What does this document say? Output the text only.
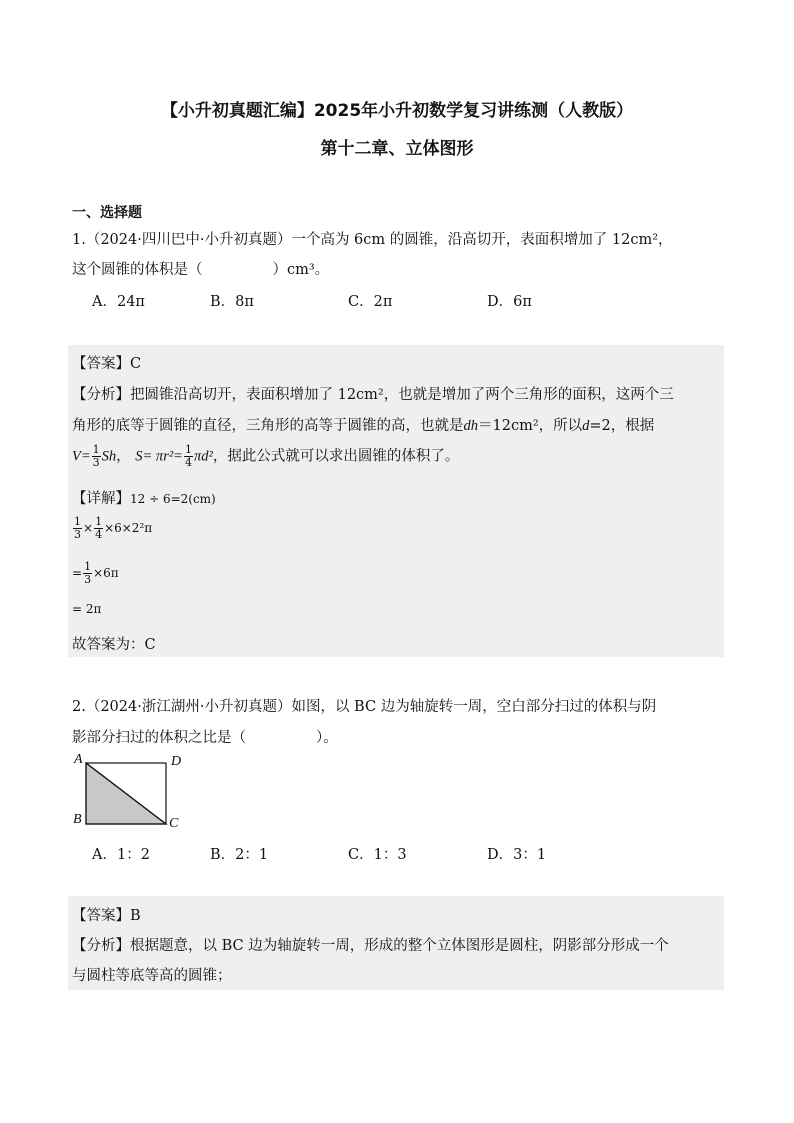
【小升初真题汇编】2025年小升初数学复习讲练测（人教版）
第十二章、立体图形
一、选择题
1.（2024·四川巴中·小升初真题）一个高为 6cm 的圆锥，沿高切开，表面积增加了 12cm²，
这个圆锥的体积是（	）cm³。
A．24π	B．8π	C．2π	D．6π
【答案】C
【分析】把圆锥沿高切开，表面积增加了 12cm²，也就是增加了两个三角形的面积，这两个三
角形的底等于圆锥的直径，三角形的高等于圆锥的高，也就是dh＝12cm²，所以d=2，根据
$V= \frac{1}{3}$ Sh， $S= \pi r^2= \frac{1}{4} \pi d^2$，据此公式就可以求出圆锥的体积了。
【详解】12 ÷ 6=2(cm)
$\frac{1}{3} \times \frac{1}{4} \times 6\times 2^2\pi$
= $\frac{1}{3} \times 6\pi$
= 2π
故答案为：C
2.（2024·浙江湖州·小升初真题）如图，以 BC 边为轴旋转一周，空白部分扫过的体积与阴
影部分扫过的体积之比是（	）。
A
B	C
D
A．1：2	B．2：1	C．1：3	D．3：1
【答案】B
【分析】根据题意，以 BC 边为轴旋转一周，形成的整个立体图形是圆柱，阴影部分形成一个
与圆柱等底等高的圆锥；
